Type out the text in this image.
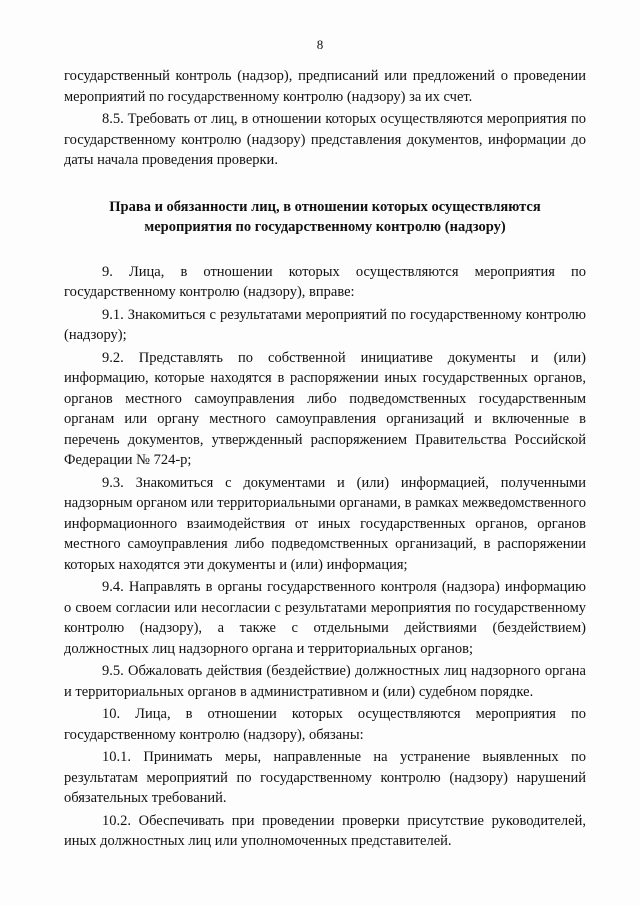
8

государственный контроль (надзор), предписаний или предложений о проведении мероприятий по государственному контролю (надзору) за их счет.

8.5. Требовать от лиц, в отношении которых осуществляются мероприятия по государственному контролю (надзору) представления документов, информации до даты начала проведения проверки.

Права и обязанности лиц, в отношении которых осуществляются
мероприятия по государственному контролю (надзору)

9. Лица, в отношении которых осуществляются мероприятия по государственному контролю (надзору), вправе:

9.1. Знакомиться с результатами мероприятий по государственному контролю (надзору);

9.2. Представлять по собственной инициативе документы и (или) информацию, которые находятся в распоряжении иных государственных органов, органов местного самоуправления либо подведомственных государственным органам или органу местного самоуправления организаций и включенные в перечень документов, утвержденный распоряжением Правительства Российской Федерации № 724-р;

9.3. Знакомиться с документами и (или) информацией, полученными надзорным органом или территориальными органами, в рамках межведомственного информационного взаимодействия от иных государственных органов, органов местного самоуправления либо подведомственных организаций, в распоряжении которых находятся эти документы и (или) информация;

9.4. Направлять в органы государственного контроля (надзора) информацию о своем согласии или несогласии с результатами мероприятия по государственному контролю (надзору), а также с отдельными действиями (бездействием) должностных лиц надзорного органа и территориальных органов;

9.5. Обжаловать действия (бездействие) должностных лиц надзорного органа и территориальных органов в административном и (или) судебном порядке.

10. Лица, в отношении которых осуществляются мероприятия по государственному контролю (надзору), обязаны:

10.1. Принимать меры, направленные на устранение выявленных по результатам мероприятий по государственному контролю (надзору) нарушений обязательных требований.

10.2. Обеспечивать при проведении проверки присутствие руководителей, иных должностных лиц или уполномоченных представителей.
